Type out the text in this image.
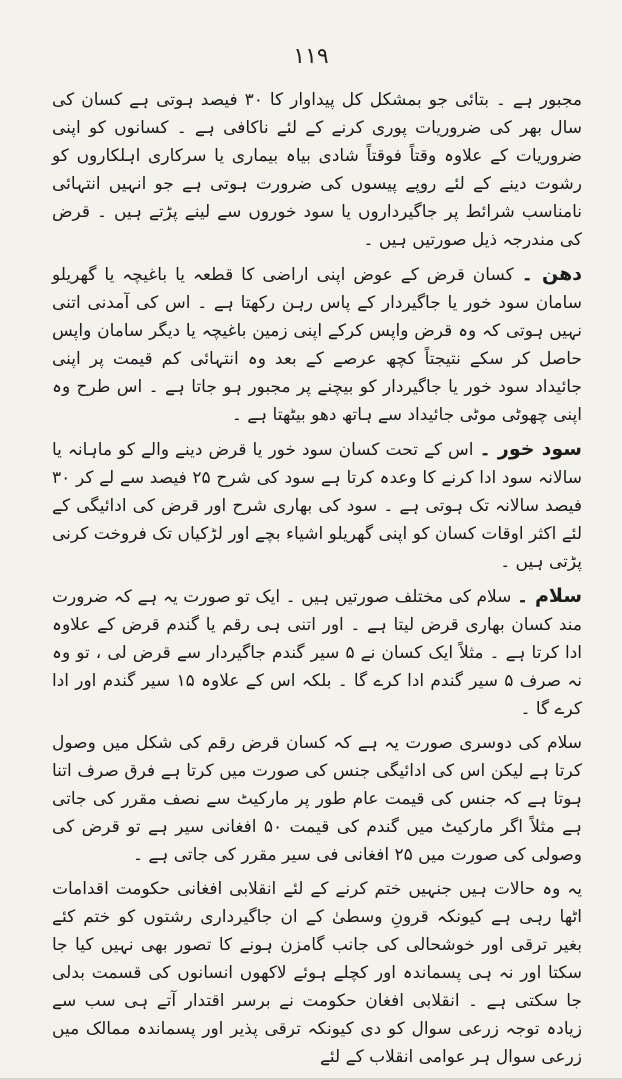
۱۱۹

مجبور ہے ۔ بتائی جو بمشکل کل پیداوار کا ۳۰ فیصد ہوتی ہے کسان کی سال بھر کی ضروریات پوری کرنے کے لئے ناکافی ہے ۔ کسانوں کو اپنی ضروریات کے علاوہ وقتاً فوقتاً شادی بیاہ بیماری یا سرکاری اہلکاروں کو رشوت دینے کے لئے روپے پیسوں کی ضرورت ہوتی ہے جو انہیں انتہائی نامناسب شرائط پر جاگیرداروں یا سود خوروں سے لینے پڑتے ہیں ۔ قرض کی مندرجہ ذیل صورتیں ہیں ۔

دھن ۔ کسان قرض کے عوض اپنی اراضی کا قطعہ یا باغیچہ یا گھریلو سامان سود خور یا جاگیردار کے پاس رہن رکھتا ہے ۔ اس کی آمدنی اتنی نہیں ہوتی کہ وہ قرض واپس کرکے اپنی زمین باغیچہ یا دیگر سامان واپس حاصل کر سکے نتیجتاً کچھ عرصے کے بعد وہ انتہائی کم قیمت پر اپنی جائیداد سود خور یا جاگیردار کو بیچنے پر مجبور ہو جاتا ہے ۔ اس طرح وہ اپنی چھوٹی موٹی جائیداد سے ہاتھ دھو بیٹھتا ہے ۔

سود خور ۔ اس کے تحت کسان سود خور یا قرض دینے والے کو ماہانہ یا سالانہ سود ادا کرنے کا وعدہ کرتا ہے سود کی شرح ۲۵ فیصد سے لے کر ۳۰ فیصد سالانہ تک ہوتی ہے ۔ سود کی بھاری شرح اور قرض کی ادائیگی کے لئے اکثر اوقات کسان کو اپنی گھریلو اشیاء بچے اور لڑکیاں تک فروخت کرنی پڑتی ہیں ۔

سلام ۔ سلام کی مختلف صورتیں ہیں ۔ ایک تو صورت یہ ہے کہ ضرورت مند کسان بھاری قرض لیتا ہے ۔ اور اتنی ہی رقم یا گندم قرض کے علاوہ ادا کرتا ہے ۔ مثلاً ایک کسان نے ۵ سیر گندم جاگیردار سے قرض لی ، تو وہ نہ صرف ۵ سیر گندم ادا کرے گا ۔ بلکہ اس کے علاوہ ۱۵ سیر گندم اور ادا کرے گا ۔

سلام کی دوسری صورت یہ ہے کہ کسان قرض رقم کی شکل میں وصول کرتا ہے لیکن اس کی ادائیگی جنس کی صورت میں کرتا ہے فرق صرف اتنا ہوتا ہے کہ جنس کی قیمت عام طور پر مارکیٹ سے نصف مقرر کی جاتی ہے مثلاً اگر مارکیٹ میں گندم کی قیمت ۵۰ افغانی سیر ہے تو قرض کی وصولی کی صورت میں ۲۵ افغانی فی سیر مقرر کی جاتی ہے ۔

یہ وہ حالات ہیں جنہیں ختم کرنے کے لئے انقلابی افغانی حکومت اقدامات اٹھا رہی ہے کیونکہ قرونِ وسطیٰ کے ان جاگیرداری رشتوں کو ختم کئے بغیر ترقی اور خوشحالی کی جانب گامزن ہونے کا تصور بھی نہیں کیا جا سکتا اور نہ ہی پسماندہ اور کچلے ہوئے لاکھوں انسانوں کی قسمت بدلی جا سکتی ہے ۔ انقلابی افغان حکومت نے برسر اقتدار آتے ہی سب سے زیادہ توجہ زرعی سوال کو دی کیونکہ ترقی پذیر اور پسماندہ ممالک میں زرعی سوال ہر عوامی انقلاب کے لئے
